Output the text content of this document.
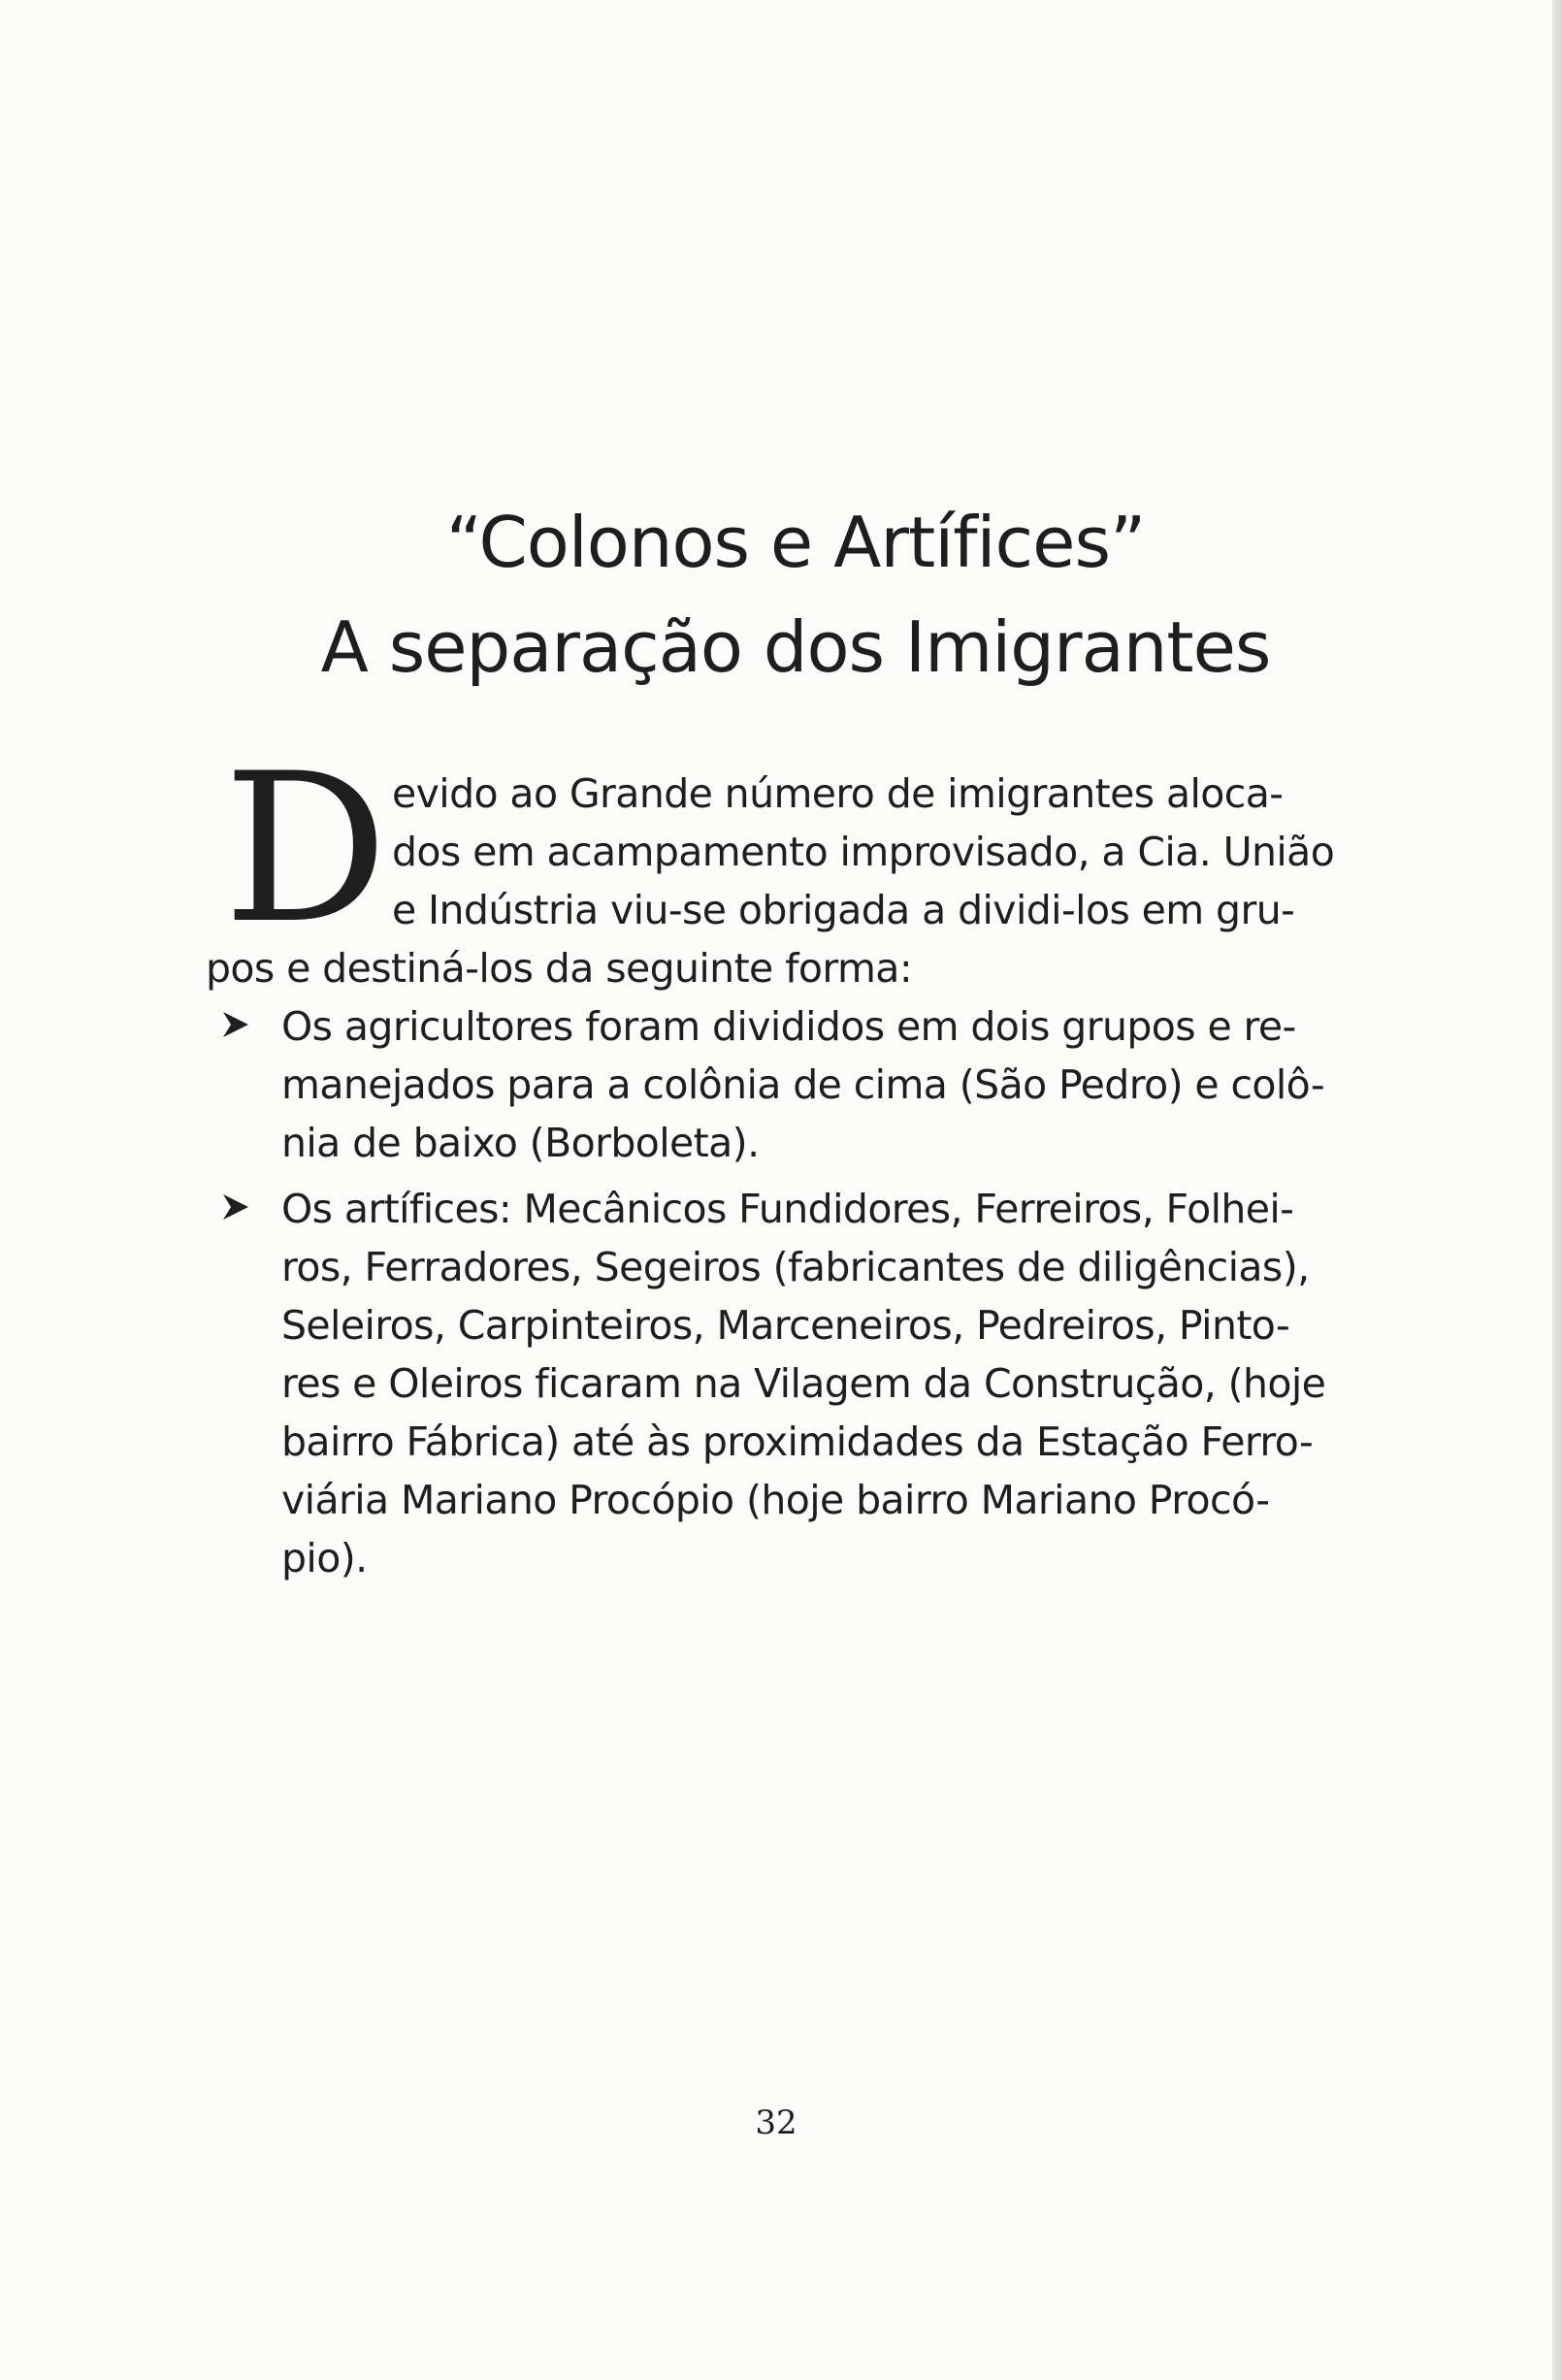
“Colonos e Artífices”
A separação dos Imigrantes
D evido ao Grande número de imigrantes aloca-
dos em acampamento improvisado, a Cia. União
e Indústria viu-se obrigada a dividi-los em gru-
pos e destiná-los da seguinte forma:
Os agricultores foram divididos em dois grupos e re-
manejados para a colônia de cima (São Pedro) e colô-
nia de baixo (Borboleta).
Os artífices: Mecânicos Fundidores, Ferreiros, Folhei-
ros, Ferradores, Segeiros (fabricantes de diligências),
Seleiros, Carpinteiros, Marceneiros, Pedreiros, Pinto-
res e Oleiros ficaram na Vilagem da Construção, (hoje
bairro Fábrica) até às proximidades da Estação Ferro-
viária Mariano Procópio (hoje bairro Mariano Procó-
pio).
32
